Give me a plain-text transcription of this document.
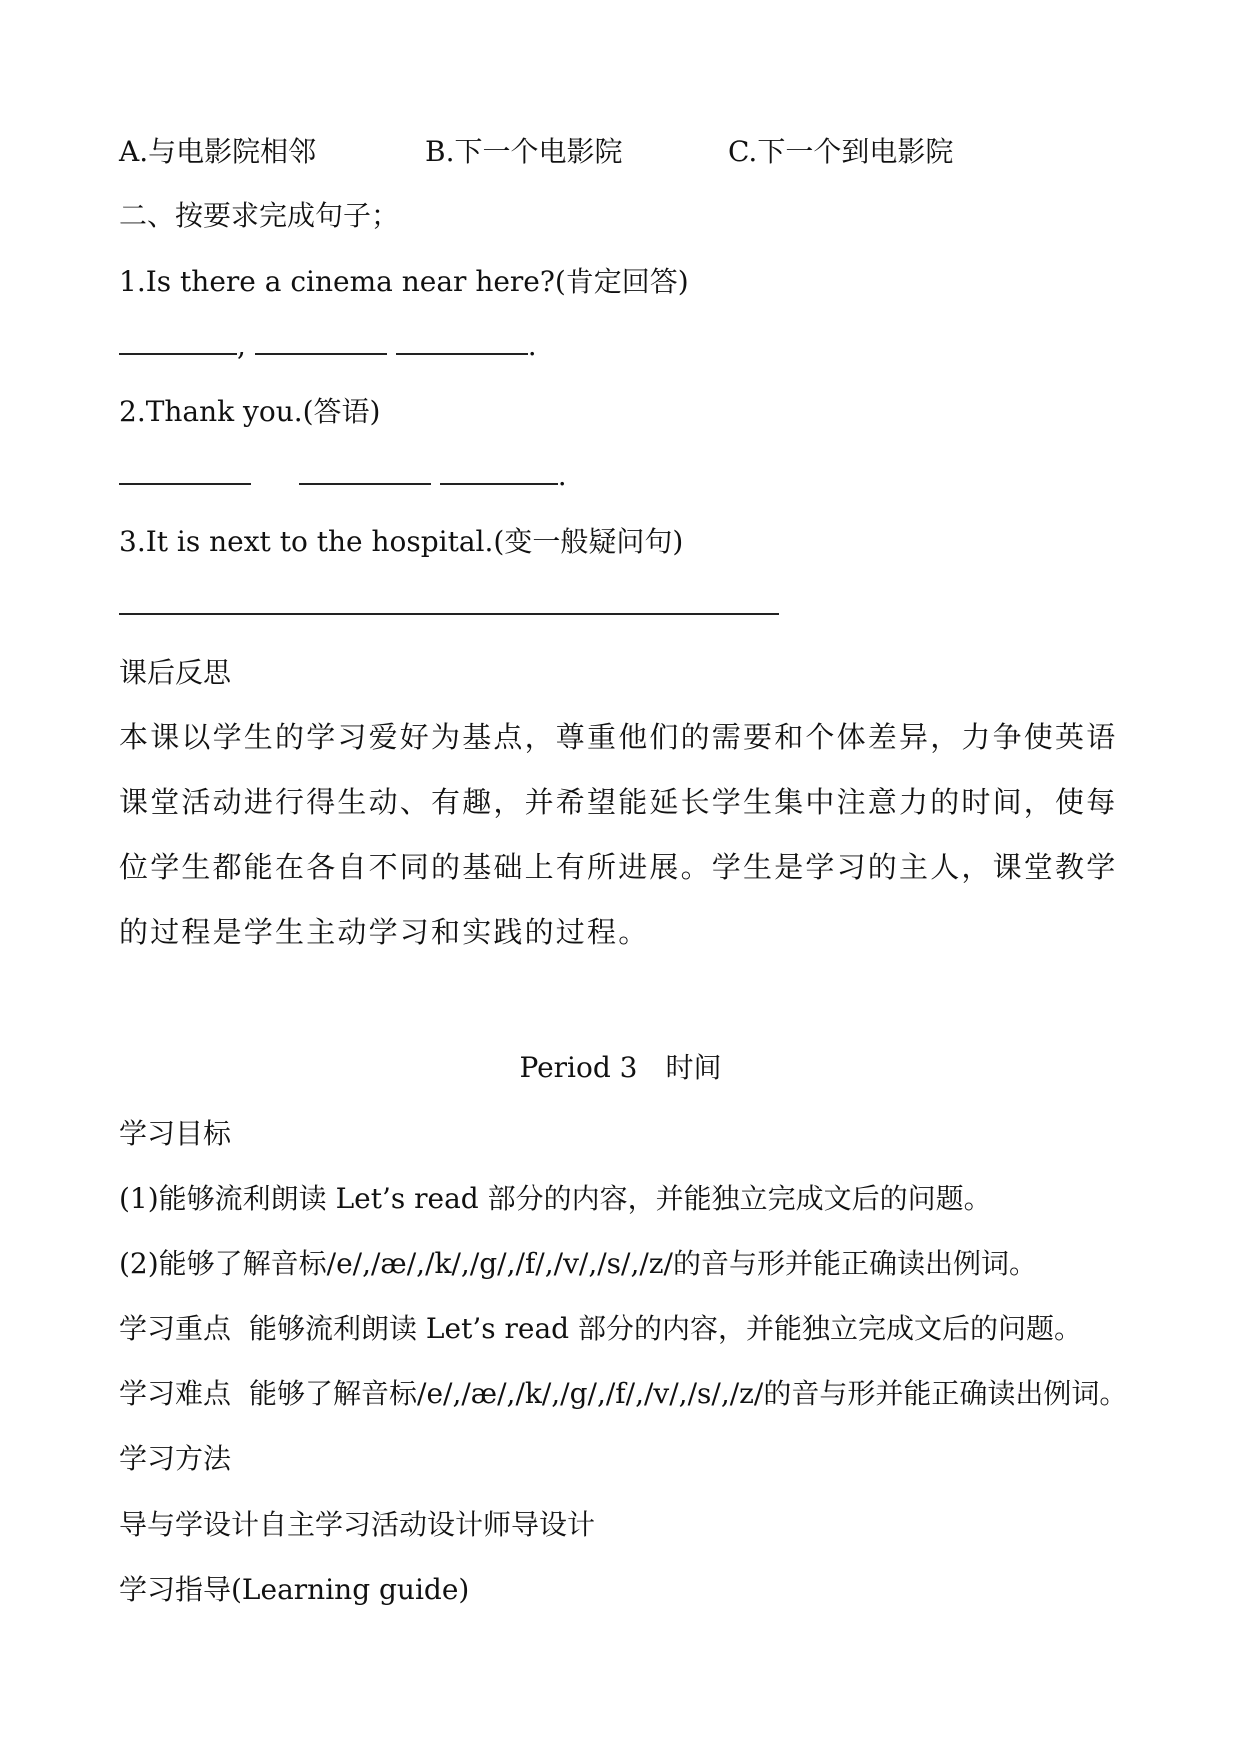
A.与电影院相邻	B.下一个电影院	C.下一个到电影院
二、按要求完成句子；
1.Is there a cinema near here?(肯定回答)
,	.
2.Thank you.(答语)
.
3.It is next to the hospital.(变一般疑问句)
课后反思
本课以学生的学习爱好为基点，尊重他们的需要和个体差异，力争使英语课堂活动进行得生动、有趣，并希望能延长学生集中注意力的时间，使每位学生都能在各自不同的基础上有所进展。学生是学习的主人，课堂教学的过程是学生主动学习和实践的过程。
Period 3　时间
学习目标
(1)能够流利朗读 Let’s read 部分的内容，并能独立完成文后的问题。
(2)能够了解音标/e/,/æ/,/k/,/g/,/f/,/v/,/s/,/z/的音与形并能正确读出例词。
学习重点 能够流利朗读 Let’s read 部分的内容，并能独立完成文后的问题。
学习难点 能够了解音标/e/,/æ/,/k/,/g/,/f/,/v/,/s/,/z/的音与形并能正确读出例词。
学习方法
导与学设计自主学习活动设计师导设计
学习指导(Learning guide)
